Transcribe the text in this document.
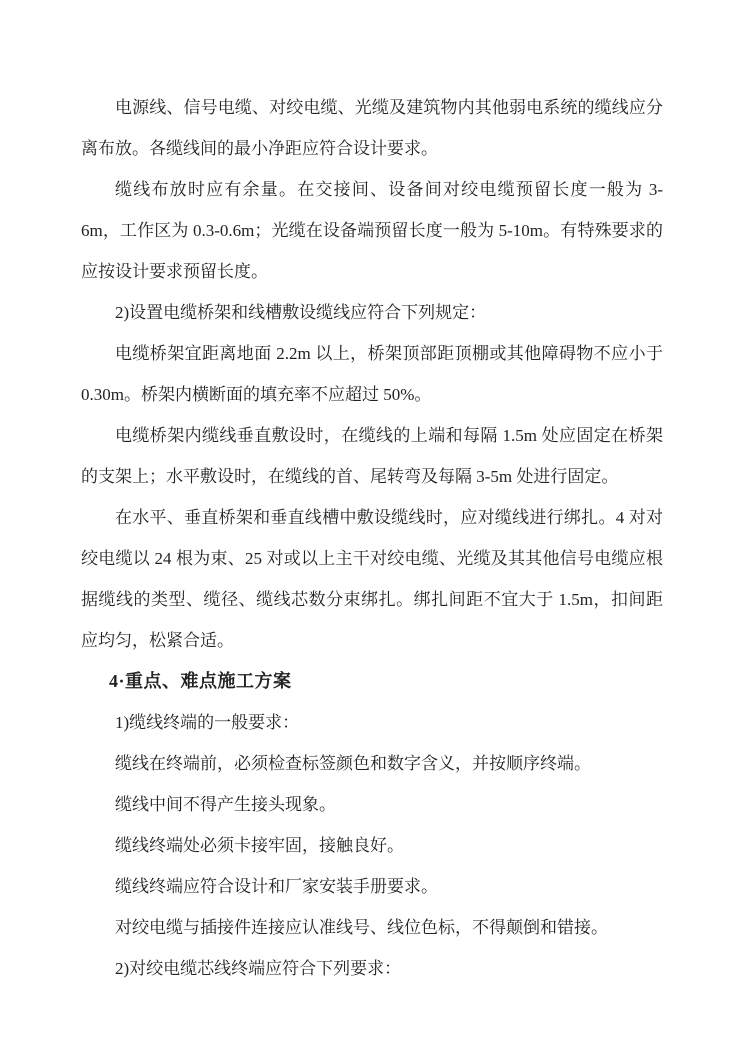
电源线、信号电缆、对绞电缆、光缆及建筑物内其他弱电系统的缆线应分离布放。各缆线间的最小净距应符合设计要求。

缆线布放时应有余量。在交接间、设备间对绞电缆预留长度一般为 3-6m，工作区为 0.3-0.6m；光缆在设备端预留长度一般为 5-10m。有特殊要求的应按设计要求预留长度。

2)设置电缆桥架和线槽敷设缆线应符合下列规定：

电缆桥架宜距离地面 2.2m 以上，桥架顶部距顶棚或其他障碍物不应小于 0.30m。桥架内横断面的填充率不应超过 50%。

电缆桥架内缆线垂直敷设时，在缆线的上端和每隔 1.5m 处应固定在桥架的支架上；水平敷设时，在缆线的首、尾转弯及每隔 3-5m 处进行固定。

在水平、垂直桥架和垂直线槽中敷设缆线时，应对缆线进行绑扎。4 对对绞电缆以 24 根为束、25 对或以上主干对绞电缆、光缆及其其他信号电缆应根据缆线的类型、缆径、缆线芯数分束绑扎。绑扎间距不宜大于 1.5m，扣间距应均匀，松紧合适。

4·重点、难点施工方案

1)缆线终端的一般要求：

缆线在终端前，必须检查标签颜色和数字含义，并按顺序终端。

缆线中间不得产生接头现象。

缆线终端处必须卡接牢固，接触良好。

缆线终端应符合设计和厂家安装手册要求。

对绞电缆与插接件连接应认准线号、线位色标，不得颠倒和错接。

2)对绞电缆芯线终端应符合下列要求：
